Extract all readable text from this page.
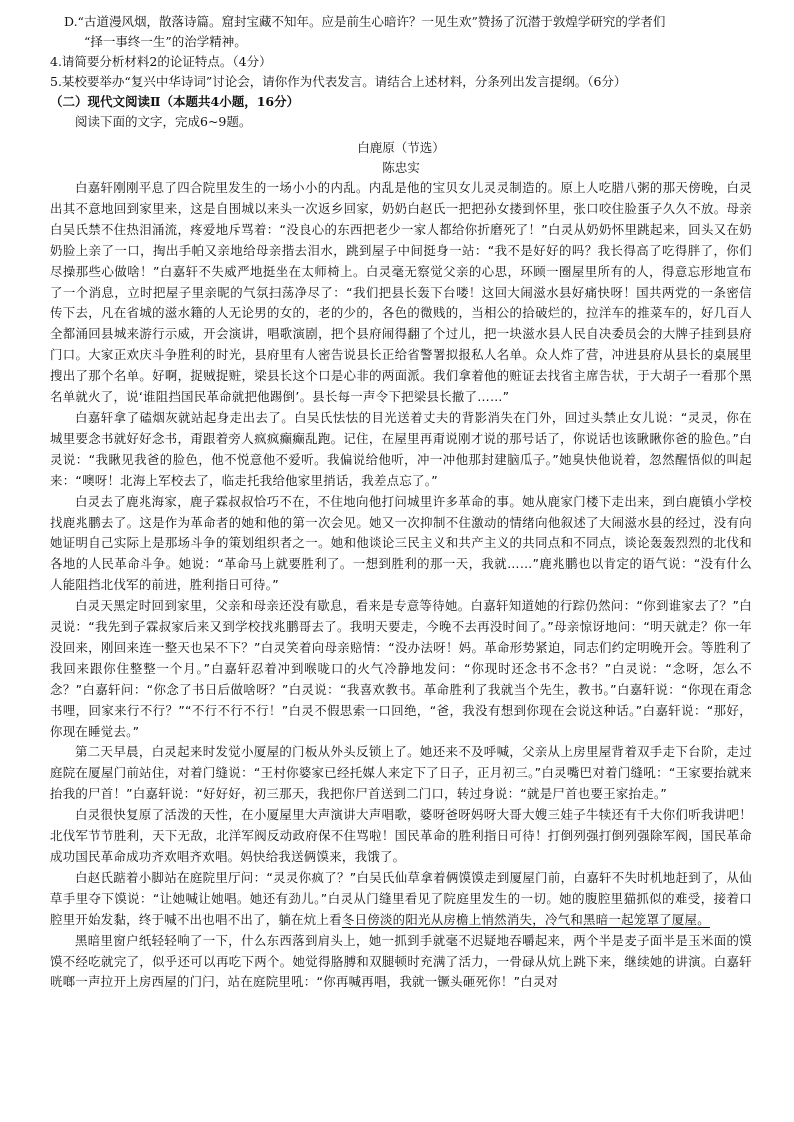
D.“古道漫风烟，散落诗篇。窟封宝藏不知年。应是前生心暗许？一见生欢”赞扬了沉潜于敦煌学研究的学者们

“择一事终一生”的治学精神。

4.请简要分析材料2的论证特点。（4分）

5.某校要举办“复兴中华诗词”讨论会，请你作为代表发言。请结合上述材料，分条列出发言提纲。（6分）

（二）现代文阅读Ⅱ（本题共4小题，16分）

阅读下面的文字，完成6~9题。

白鹿原（节选）

陈忠实

白嘉轩刚刚平息了四合院里发生的一场小小的内乱。内乱是他的宝贝女儿灵灵制造的。原上人吃腊八粥的那天傍晚，白灵出其不意地回到家里来，这是自围城以来头一次返乡回家，奶奶白赵氏一把把孙女搂到怀里，张口咬住脸蛋子久久不放。母亲白吴氏禁不住热泪涌流，疼爱地斥骂着：“没良心的东西把老少一家人都给你折磨死了！”白灵从奶奶怀里跳起来，回头又在奶奶脸上亲了一口，掏出手帕又亲地给母亲揩去泪水，跳到屋子中间挺身一站：“我不是好好的吗？我长得高了吃得胖了，你们尽操那些心做啥！”白嘉轩不失威严地挺坐在太师椅上。白灵毫无察觉父亲的心思，环顾一圈屋里所有的人，得意忘形地宣布了一个消息，立时把屋子里亲昵的气氛扫荡净尽了：“我们把县长轰下台喽！这回大闹滋水县好痛快呀！国共两党的一条密信传下去，凡在省城的滋水籍的人无论男的女的，老的少的，各色的微贱的，当相公的拾破烂的，拉洋车的推菜车的，好几百人全都涌回县城来游行示威，开会演讲，唱歌演剧，把个县府闹得翻了个过儿，把一块滋水县人民自决委员会的大牌子挂到县府门口。大家正欢庆斗争胜利的时光，县府里有人密告说县长正给省警署拟报私人名单。众人炸了营，冲进县府从县长的桌展里搜出了那个名单。好啊，捉贼捉赃，梁县长这个口是心非的两面派。我们拿着他的赃证去找省主席告状，于大胡子一看那个黑名单就火了，说‘谁阻挡国民革命就把他踢倒’。县长每一声令下把梁县长撤了……”

白嘉轩拿了磕烟灰就站起身走出去了。白吴氏怯怯的目光送着丈夫的背影消失在门外，回过头禁止女儿说：“灵灵，你在城里要念书就好好念书，甭跟着旁人疯疯癫癫乱跑。记住，在屋里再甭说刚才说的那号话了，你说话也该瞅瞅你爸的脸色。”白灵说：“我瞅见我爸的脸色，他不悦意他不爱听。我偏说给他听，冲一冲他那封建脑瓜子。”她臭快他说着，忽然醒悟似的叫起来：“噢呀！北海上军校去了，临走托我给他家里捎话，我差点忘了。”

白灵去了鹿兆海家，鹿子霖叔叔恰巧不在，不住地向他打问城里许多革命的事。她从鹿家门楼下走出来，到白鹿镇小学校找鹿兆鹏去了。这是作为革命者的她和他的第一次会见。她又一次抑制不住激动的情绪向他叙述了大闹滋水县的经过，没有向她证明自己实际上是那场斗争的策划组织者之一。她和他谈论三民主义和共产主义的共同点和不同点，谈论轰轰烈烈的北伐和各地的人民革命斗争。她说：“革命马上就要胜利了。一想到胜利的那一天，我就……”鹿兆鹏也以肯定的语气说：“没有什么人能阻挡北伐军的前进，胜利指日可待。”

白灵天黑定时回到家里，父亲和母亲还没有歇息，看来是专意等待她。白嘉轩知道她的行踪仍然问：“你到谁家去了？”白灵说：“我先到子霖叔家后来又到学校找兆鹏哥去了。我明天要走，今晚不去再没时间了。”母亲惊讶地问：“明天就走？你一年没回来，刚回来连一整天也呆不下？”白灵笑着向母亲赔情：“没办法呀！妈。革命形势紧迫，同志们约定明晚开会。等胜利了我回来跟你住整整一个月。”白嘉轩忍着冲到喉咙口的火气冷静地发问：“你现时还念书不念书？”白灵说：“念呀，怎么不念？”白嘉轩问：“你念了书日后做啥呀？”白灵说：“我喜欢教书。革命胜利了我就当个先生，教书。”白嘉轩说：“你现在甭念书哩，回家来行不行？”“不行不行不行！”白灵不假思索一口回绝，“爸，我没有想到你现在会说这种话。”白嘉轩说：“那好，你现在睡觉去。”

第二天早晨，白灵起来时发觉小厦屋的门板从外头反锁上了。她还来不及呼喊，父亲从上房里屋背着双手走下台阶，走过庭院在厦屋门前站住，对着门缝说：“王村你婆家已经托媒人来定下了日子，正月初三。”白灵嘴巴对着门缝吼：“王家要抬就来抬我的尸首！”白嘉轩说：“好好好，初三那天，我把你尸首送到二门口，转过身说：“就是尸首也要王家抬走。”

白灵很快复原了活泼的天性，在小厦屋里大声演讲大声唱歌，婆呀爸呀妈呀大哥大嫂三娃子牛犊还有千大你们听我讲吧！北伐军节节胜利，天下无敌，北洋军阀反动政府保不住骂啦！国民革命的胜利指日可待！打倒列强打倒列强除军阀，国民革命成功国民革命成功齐欢唱齐欢唱。妈快给我送俩馍来，我饿了。

白赵氏踮着小脚站在庭院里厅问：“灵灵你疯了？”白吴氏仙草拿着俩馍馍走到厦屋门前，白嘉轩不失时机地赶到了，从仙草手里夺下馍说：“让她喊让她唱。她还有劲儿。”白灵从门缝里看见了院庭里发生的一切。她的腹腔里猫抓似的难受，接着口腔里开始发黏，终于喊不出也唱不出了，躺在炕上看冬日傍淡的阳光从房檐上悄然消失，冷气和黑暗一起笼罩了厦屋。

黑暗里窗户纸轻轻响了一下，什么东西落到肩头上，她一抓到手就毫不迟疑地吞嚼起来，两个半是麦子面半是玉米面的馍馍不经吃就完了，似乎还可以再吃下两个。她觉得胳膊和双腿顿时充满了活力，一骨碌从炕上跳下来，继续她的讲演。白嘉轩咣啷一声拉开上房西屋的门闩，站在庭院里吼：“你再喊再唱，我就一镢头砸死你！”白灵对
